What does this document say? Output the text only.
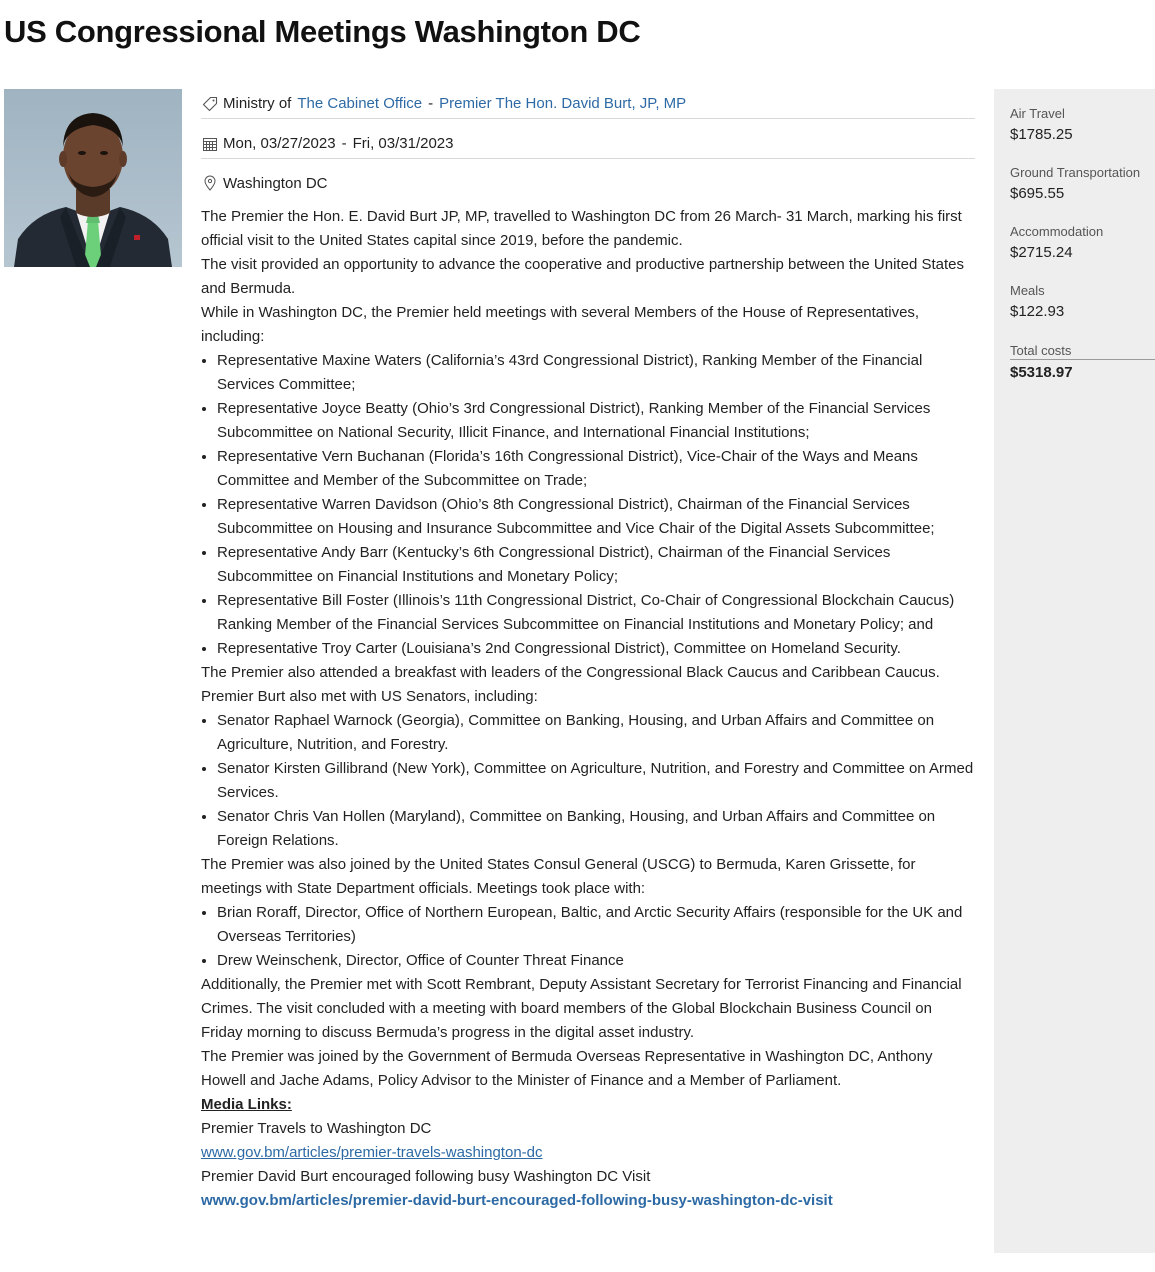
US Congressional Meetings Washington DC
Ministry of The Cabinet Office - Premier The Hon. David Burt, JP, MP
Mon, 03/27/2023 - Fri, 03/31/2023
Washington DC

The Premier the Hon. E. David Burt JP, MP, travelled to Washington DC from 26 March- 31 March, marking his first official visit to the United States capital since 2019, before the pandemic.

The visit provided an opportunity to advance the cooperative and productive partnership between the United States and Bermuda.

While in Washington DC, the Premier held meetings with several Members of the House of Representatives, including:

• Representative Maxine Waters (California’s 43rd Congressional District), Ranking Member of the Financial Services Committee;
• Representative Joyce Beatty (Ohio’s 3rd Congressional District), Ranking Member of the Financial Services Subcommittee on National Security, Illicit Finance, and International Financial Institutions;
• Representative Vern Buchanan (Florida’s 16th Congressional District), Vice-Chair of the Ways and Means Committee and Member of the Subcommittee on Trade;
• Representative Warren Davidson (Ohio’s 8th Congressional District), Chairman of the Financial Services Subcommittee on Housing and Insurance Subcommittee and Vice Chair of the Digital Assets Subcommittee;
• Representative Andy Barr (Kentucky’s 6th Congressional District), Chairman of the Financial Services Subcommittee on Financial Institutions and Monetary Policy;
• Representative Bill Foster (Illinois’s 11th Congressional District, Co-Chair of Congressional Blockchain Caucus) Ranking Member of the Financial Services Subcommittee on Financial Institutions and Monetary Policy; and
• Representative Troy Carter (Louisiana’s 2nd Congressional District), Committee on Homeland Security.

The Premier also attended a breakfast with leaders of the Congressional Black Caucus and Caribbean Caucus.

Premier Burt also met with US Senators, including:

• Senator Raphael Warnock (Georgia), Committee on Banking, Housing, and Urban Affairs and Committee on Agriculture, Nutrition, and Forestry.
• Senator Kirsten Gillibrand (New York), Committee on Agriculture, Nutrition, and Forestry and Committee on Armed Services.
• Senator Chris Van Hollen (Maryland), Committee on Banking, Housing, and Urban Affairs and Committee on Foreign Relations.

The Premier was also joined by the United States Consul General (USCG) to Bermuda, Karen Grissette, for meetings with State Department officials. Meetings took place with:

• Brian Roraff, Director, Office of Northern European, Baltic, and Arctic Security Affairs (responsible for the UK and Overseas Territories)
• Drew Weinschenk, Director, Office of Counter Threat Finance

Additionally, the Premier met with Scott Rembrant, Deputy Assistant Secretary for Terrorist Financing and Financial Crimes. The visit concluded with a meeting with board members of the Global Blockchain Business Council on Friday morning to discuss Bermuda’s progress in the digital asset industry.

The Premier was joined by the Government of Bermuda Overseas Representative in Washington DC, Anthony Howell and Jache Adams, Policy Advisor to the Minister of Finance and a Member of Parliament.

Media Links:

Premier Travels to Washington DC

www.gov.bm/articles/premier-travels-washington-dc

Premier David Burt encouraged following busy Washington DC Visit

www.gov.bm/articles/premier-david-burt-encouraged-following-busy-washington-dc-visit

Air Travel
$1785.25
Ground Transportation
$695.55
Accommodation
$2715.24
Meals
$122.93
Total costs
$5318.97
